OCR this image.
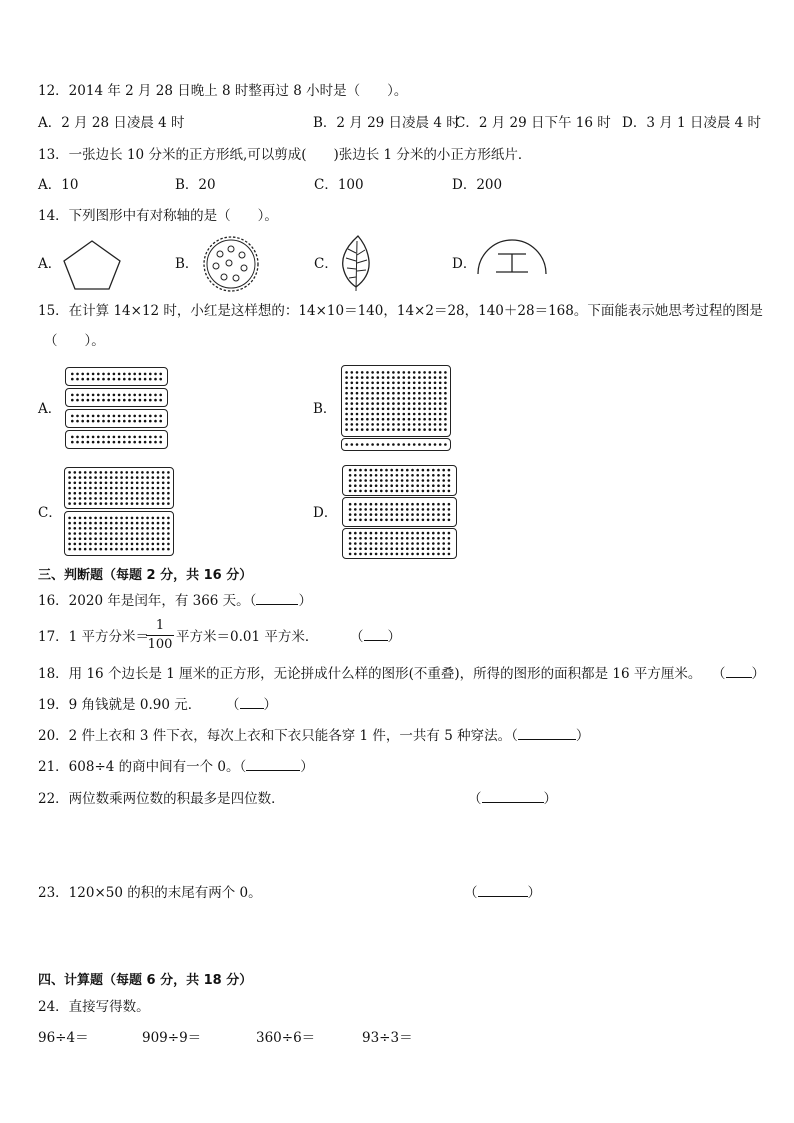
12．2014 年 2 月 28 日晚上 8 时整再过 8 小时是（　　）。
A．2 月 28 日凌晨 4 时	B．2 月 29 日凌晨 4 时
C．2 月 29 日下午 16 时 D．3 月 1 日凌晨 4 时
13．一张边长 10 分米的正方形纸,可以剪成(　　)张边长 1 分米的小正方形纸片．
A．10	B．20	C．100	D．200
14．下列图形中有对称轴的是（　　）。
A．	B．	C．	D．
15．在计算 14×12 时，小红是这样想的：14×10＝140，14×2＝28，140＋28＝168。下面能表示她思考过程的图是
（　　）。
A．	B．
C．	D．
三、判断题（每题 2 分，共 16 分）
16．2020 年是闰年，有 366 天。（	）
17．1 平方分米＝
1
100 平方米＝0.01 平方米． （ ）
18．用 16 个边长是 1 厘米的正方形，无论拼成什么样的图形(不重叠)，所得的图形的面积都是 16 平方厘米。 （ ）
19．9 角钱就是 0.90 元． （ ）
20．2 件上衣和 3 件下衣，每次上衣和下衣只能各穿 1 件，一共有 5 种穿法。（	）
21．608÷4 的商中间有一个 0。（	）
22．两位数乘两位数的积最多是四位数．	（	）
23．120×50 的积的末尾有两个 0。	（	）
四、计算题（每题 6 分，共 18 分）
24．直接写得数。
96÷4＝	909÷9＝	360÷6＝	93÷3＝
